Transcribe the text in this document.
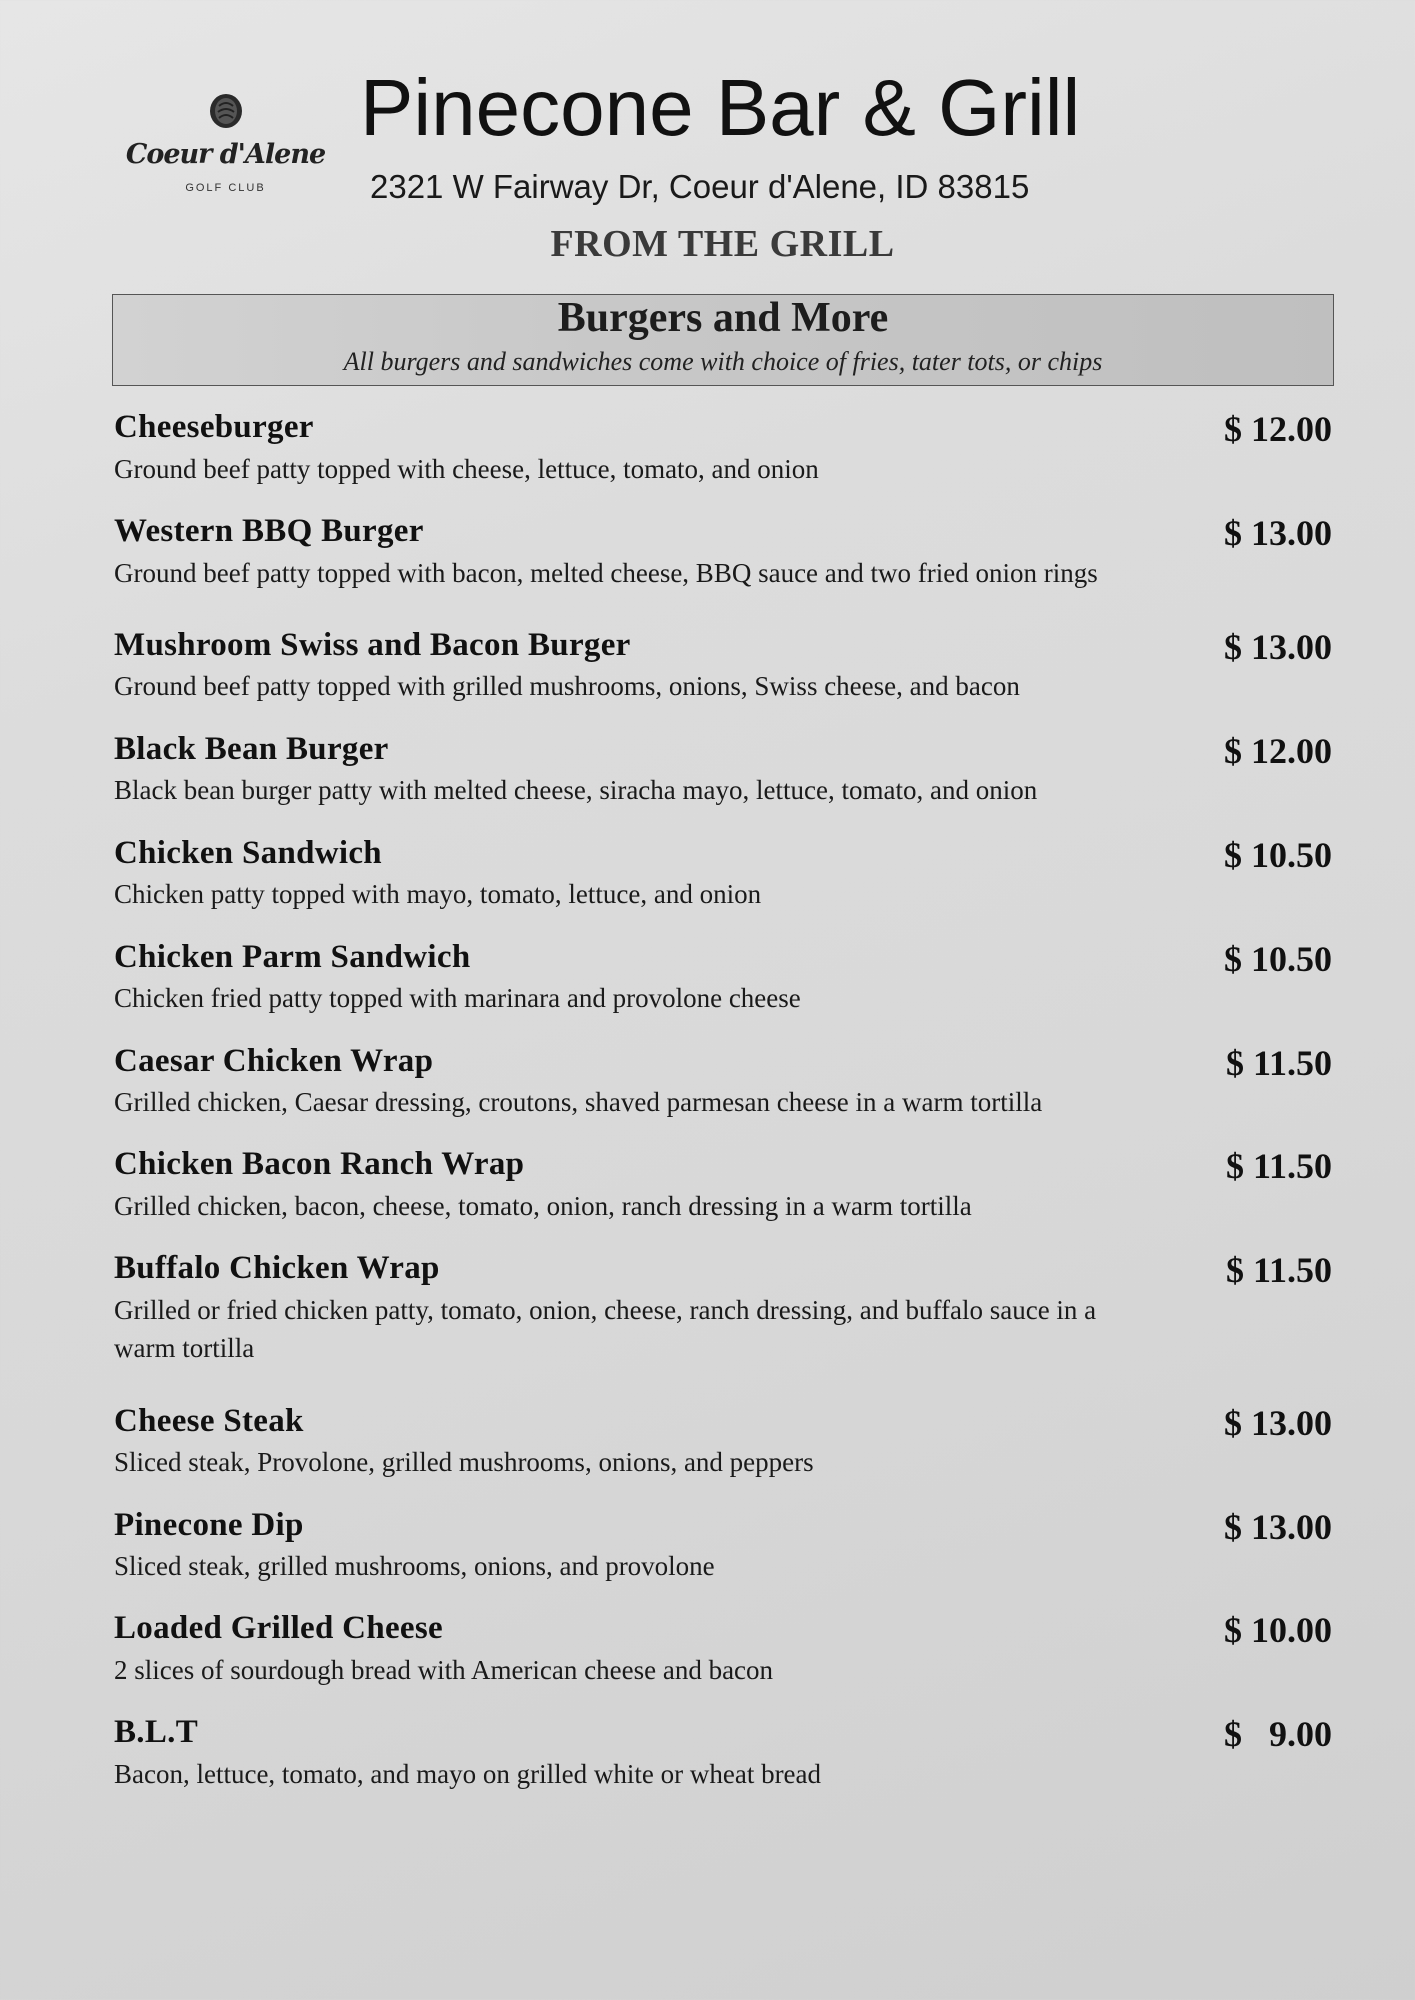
Coeur d'Alene
GOLF CLUB
Pinecone Bar & Grill
2321 W Fairway Dr, Coeur d'Alene, ID 83815
FROM THE GRILL
Burgers and More
All burgers and sandwiches come with choice of fries, tater tots, or chips
Cheeseburger	$ 12.00
Ground beef patty topped with cheese, lettuce, tomato, and onion
Western BBQ Burger	$ 13.00
Ground beef patty topped with bacon, melted cheese, BBQ sauce and two fried onion rings
Mushroom Swiss and Bacon Burger	$ 13.00
Ground beef patty topped with grilled mushrooms, onions, Swiss cheese, and bacon
Black Bean Burger	$ 12.00
Black bean burger patty with melted cheese, siracha mayo, lettuce, tomato, and onion
Chicken Sandwich	$ 10.50
Chicken patty topped with mayo, tomato, lettuce, and onion
Chicken Parm Sandwich	$ 10.50
Chicken fried patty topped with marinara and provolone cheese
Caesar Chicken Wrap	$ 11.50
Grilled chicken, Caesar dressing, croutons, shaved parmesan cheese in a warm tortilla
Chicken Bacon Ranch Wrap	$ 11.50
Grilled chicken, bacon, cheese, tomato, onion, ranch dressing in a warm tortilla
Buffalo Chicken Wrap	$ 11.50
Grilled or fried chicken patty, tomato, onion, cheese, ranch dressing, and buffalo sauce in a warm tortilla
Cheese Steak	$ 13.00
Sliced steak, Provolone, grilled mushrooms, onions, and peppers
Pinecone Dip	$ 13.00
Sliced steak, grilled mushrooms, onions, and provolone
Loaded Grilled Cheese	$ 10.00
2 slices of sourdough bread with American cheese and bacon
B.L.T	$   9.00
Bacon, lettuce, tomato, and mayo on grilled white or wheat bread
